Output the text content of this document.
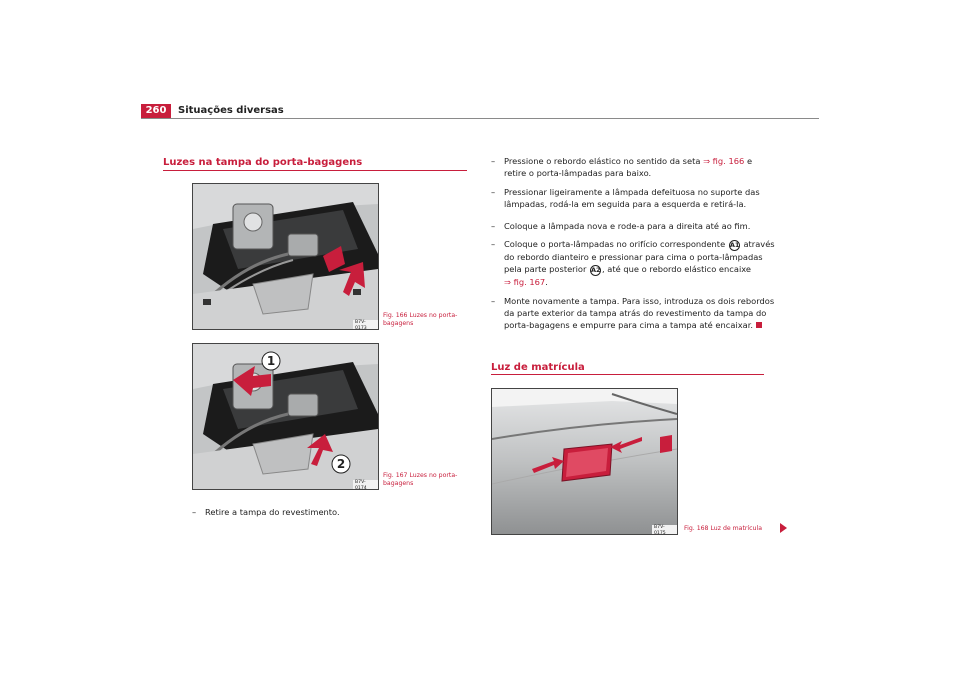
260	Situações diversas
Luzes na tampa do porta-bagagens
B7V-0173
Fig. 166 Luzes no porta-
bagagens
1
2
B7V-0174
Fig. 167 Luzes no porta-
bagagens
– Retire a tampa do revestimento.
– Pressione o rebordo elástico no sentido da seta ⇒ fig. 166 e
retire o porta-lâmpadas para baixo.
– Pressionar ligeiramente a lâmpada defeituosa no suporte das
lâmpadas, rodá-la em seguida para a esquerda e retirá-la.
– Coloque a lâmpada nova e rode-a para a direita até ao fim.
– Coloque o porta-lâmpadas no orifício correspondente A1 através
do rebordo dianteiro e pressionar para cima o porta-lâmpadas
pela parte posterior A2, até que o rebordo elástico encaixe
⇒ fig. 167.
– Monte novamente a tampa. Para isso, introduza os dois rebordos
da parte exterior da tampa atrás do revestimento da tampa do
porta-bagagens e empurre para cima a tampa até encaixar.
Luz de matrícula
B7V-0175
Fig. 168 Luz de matrícula
